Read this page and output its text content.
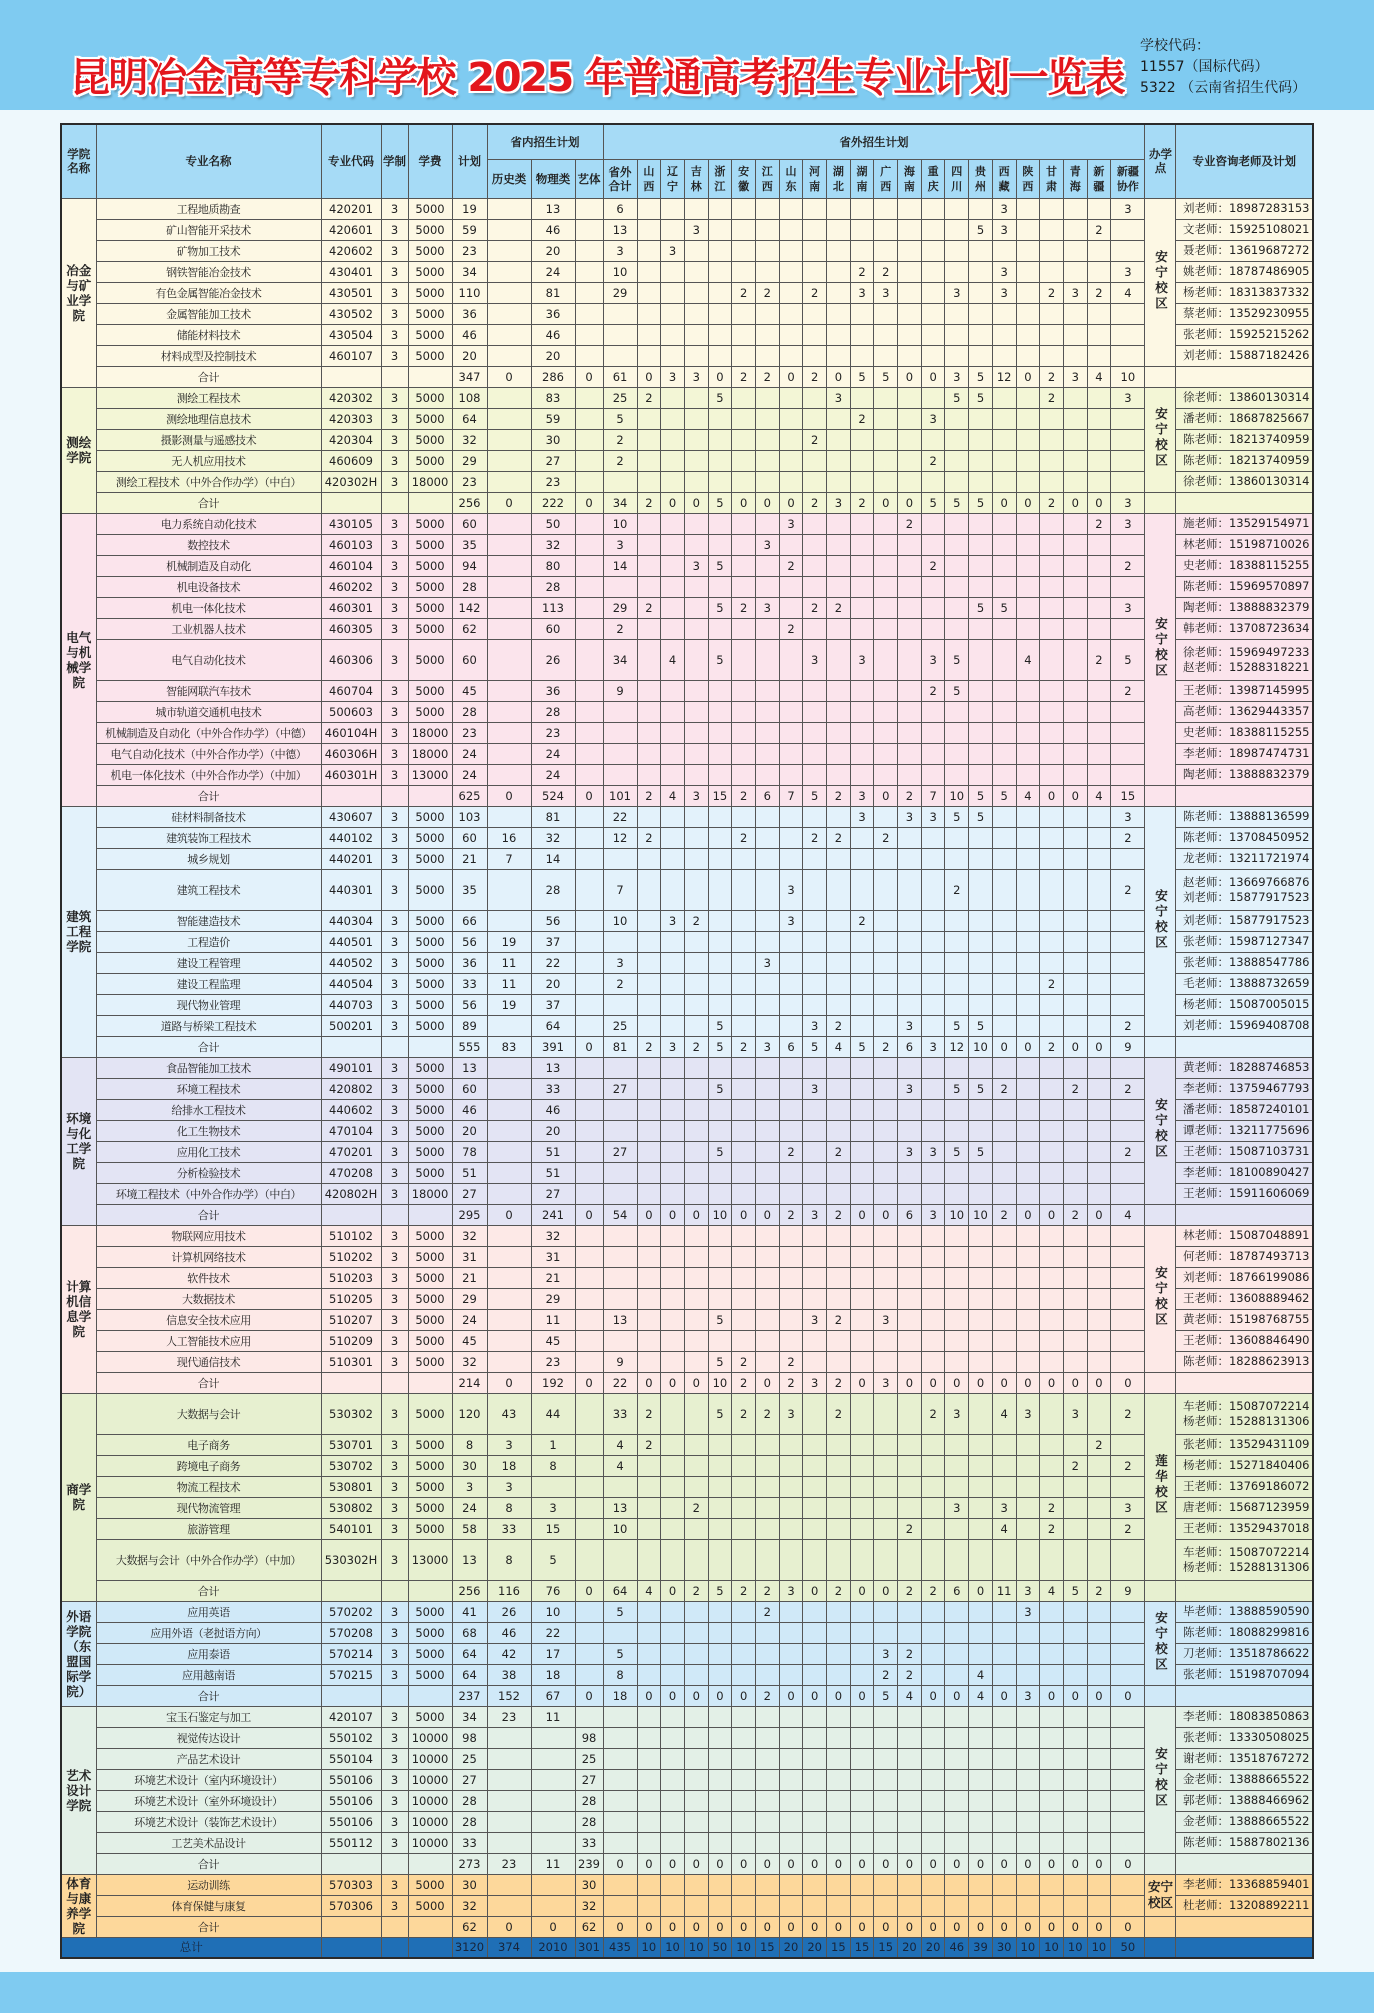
昆明冶金高等专科学校 2025 年普通高考招生专业计划一览表
学校代码：
11557（国标代码）
5322 （云南省招生代码）
学院名称	专业名称	专业代码	学制	学费	计划	省内招生计划			省外招生计划																						办学点	专业咨询老师及计划
						历史类	物理类	艺体	省外合计	山西	辽宁	吉林	浙江	安徽	江西	山东	河南	湖北	湖南	广西	海南	重庆	四川	贵州	西藏	陕西	甘肃	青海	新疆	新疆协作		
冶金与矿业学院	工程地质勘查	420201	3	5000	19		13		6																3					3	安宁校区	刘老师：18987283153

	矿山智能开采技术	420601	3	5000	59		46		13			3												5	3				2			文老师：15925108021

	矿物加工技术	420602	3	5000	23		20		3		3																					聂老师：13619687272

	钢铁智能冶金技术	430401	3	5000	34		24		10										2	2					3					3		姚老师：18787486905

	有色金属智能冶金技术	430501	3	5000	110		81		29					2	2		2		3	3			3		3		2	3	2	4		杨老师：18313837332

	金属智能加工技术	430502	3	5000	36		36																									蔡老师：13529230955

	储能材料技术	430504	3	5000	46		46																									张老师：15925215262

	材料成型及控制技术	460107	3	5000	20		20																									刘老师：15887182426

	合计				347	0	286	0	61	0	3	3	0	2	2	0	2	0	5	5	0	0	3	5	12	0	2	3	4	10		
测绘学院	测绘工程技术	420302	3	5000	108		83		25	2			5					3					5	5			2			3	安宁校区	徐老师：13860130314

	测绘地理信息技术	420303	3	5000	64		59		5										2			3										潘老师：18687825667

	摄影测量与遥感技术	420304	3	5000	32		30		2								2															陈老师：18213740959

	无人机应用技术	460609	3	5000	29		27		2													2										陈老师：18213740959

	测绘工程技术（中外合作办学）（中白）	420302H	3	18000	23		23																									徐老师：13860130314

	合计				256	0	222	0	34	2	0	0	5	0	0	0	2	3	2	0	0	5	5	5	0	0	2	0	0	3		
电气与机械学院	电力系统自动化技术	430105	3	5000	60		50		10							3					2								2	3	安宁校区	施老师：13529154971

	数控技术	460103	3	5000	35		32		3						3																	林老师：15198710026

	机械制造及自动化	460104	3	5000	94		80		14			3	5			2						2								2		史老师：18388115255

	机电设备技术	460202	3	5000	28		28																									陈老师：15969570897

	机电一体化技术	460301	3	5000	142		113		29	2			5	2	3		2	2						5	5					3		陶老师：13888832379

	工业机器人技术	460305	3	5000	62		60		2							2																韩老师：13708723634

	电气自动化技术	460306	3	5000	60		26		34		4		5				3		3			3	5			4			2	5		徐老师：15969497233
赵老师：15288318221

	智能网联汽车技术	460704	3	5000	45		36		9													2	5							2		王老师：13987145995

	城市轨道交通机电技术	500603	3	5000	28		28																									高老师：13629443357

	机械制造及自动化（中外合作办学）（中德）	460104H	3	18000	23		23																									史老师：18388115255

	电气自动化技术（中外合作办学）（中德）	460306H	3	18000	24		24																									李老师：18987474731

	机电一体化技术（中外合作办学）（中加）	460301H	3	13000	24		24																									陶老师：13888832379

	合计				625	0	524	0	101	2	4	3	15	2	6	7	5	2	3	0	2	7	10	5	5	4	0	0	4	15		
建筑工程学院	硅材料制备技术	430607	3	5000	103		81		22										3		3	3	5	5						3	安宁校区	陈老师：13888136599

	建筑装饰工程技术	440102	3	5000	60	16	32		12	2				2			2	2		2										2		陈老师：13708450952

	城乡规划	440201	3	5000	21	7	14																									龙老师：13211721974

	建筑工程技术	440301	3	5000	35		28		7							3							2							2		赵老师：13669766876
刘老师：15877917523

	智能建造技术	440304	3	5000	66		56		10		3	2				3			2													刘老师：15877917523

	工程造价	440501	3	5000	56	19	37																									张老师：15987127347

	建设工程管理	440502	3	5000	36	11	22		3						3																	张老师：13888547786

	建设工程监理	440504	3	5000	33	11	20		2																		2					毛老师：13888732659

	现代物业管理	440703	3	5000	56	19	37																									杨老师：15087005015

	道路与桥梁工程技术	500201	3	5000	89		64		25				5				3	2			3		5	5						2		刘老师：15969408708

	合计				555	83	391	0	81	2	3	2	5	2	3	6	5	4	5	2	6	3	12	10	0	0	2	0	0	9		
环境与化工学院	食品智能加工技术	490101	3	5000	13		13																								安宁校区	黄老师：18288746853

	环境工程技术	420802	3	5000	60		33		27				5				3				3		5	5	2			2		2		李老师：13759467793

	给排水工程技术	440602	3	5000	46		46																									潘老师：18587240101

	化工生物技术	470104	3	5000	20		20																									谭老师：13211775696

	应用化工技术	470201	3	5000	78		51		27				5			2		2			3	3	5	5						2		王老师：15087103731

	分析检验技术	470208	3	5000	51		51																									李老师：18100890427

	环境工程技术（中外合作办学）（中白）	420802H	3	18000	27		27																									王老师：15911606069

	合计				295	0	241	0	54	0	0	0	10	0	0	2	3	2	0	0	6	3	10	10	2	0	0	2	0	4		
计算机信息学院	物联网应用技术	510102	3	5000	32		32																								安宁校区	林老师：15087048891

	计算机网络技术	510202	3	5000	31		31																									何老师：18787493713

	软件技术	510203	3	5000	21		21																									刘老师：18766199086

	大数据技术	510205	3	5000	29		29																									王老师：13608889462

	信息安全技术应用	510207	3	5000	24		11		13				5				3	2		3												黄老师：15198768755

	人工智能技术应用	510209	3	5000	45		45																									王老师：13608846490

	现代通信技术	510301	3	5000	32		23		9				5	2		2																陈老师：18288623913

	合计				214	0	192	0	22	0	0	0	10	2	0	2	3	2	0	3	0	0	0	0	0	0	0	0	0	0		
商学院	大数据与会计	530302	3	5000	120	43	44		33	2			5	2	2	3		2				2	3		4	3		3		2	莲华校区	车老师：15087072214
杨老师：15288131306

	电子商务	530701	3	5000	8	3	1		4	2																			2			张老师：13529431109

	跨境电子商务	530702	3	5000	30	18	8		4																			2		2		杨老师：15271840406

	物流工程技术	530801	3	5000	3	3																										王老师：13769186072

	现代物流管理	530802	3	5000	24	8	3		13			2											3		3		2			3		唐老师：15687123959

	旅游管理	540101	3	5000	58	33	15		10												2				4		2			2		王老师：13529437018

	大数据与会计（中外合作办学）（中加）	530302H	3	13000	13	8	5																									车老师：15087072214
杨老师：15288131306

	合计				256	116	76	0	64	4	0	2	5	2	2	3	0	2	0	0	2	2	6	0	11	3	4	5	2	9		
外语学院（东盟国际学院）	应用英语	570202	3	5000	41	26	10		5						2											3					安宁校区	毕老师：13888590590

	应用外语（老挝语方向）	570208	3	5000	68	46	22																									陈老师：18088299816

	应用泰语	570214	3	5000	64	42	17		5											3	2											刀老师：13518786622

	应用越南语	570215	3	5000	64	38	18		8											2	2			4								张老师：15198707094

	合计				237	152	67	0	18	0	0	0	0	0	2	0	0	0	0	5	4	0	0	4	0	3	0	0	0	0		
艺术设计学院	宝玉石鉴定与加工	420107	3	5000	34	23	11																								安宁校区	李老师：18083850863

	视觉传达设计	550102	3	10000	98			98																								张老师：13330508025

	产品艺术设计	550104	3	10000	25			25																								谢老师：13518767272

	环境艺术设计（室内环境设计）	550106	3	10000	27			27																								金老师：13888665522

	环境艺术设计（室外环境设计）	550106	3	10000	28			28																								郭老师：13888466962

	环境艺术设计（装饰艺术设计）	550106	3	10000	28			28																								金老师：13888665522

	工艺美术品设计	550112	3	10000	33			33																								陈老师：15887802136

	合计				273	23	11	239	0	0	0	0	0	0	0	0	0	0	0	0	0	0	0	0	0	0	0	0	0	0		
体育与康养学院	运动训练	570303	3	5000	30			30																							安宁校区	李老师：13368859401

	体育保健与康复	570306	3	5000	32			32																								杜老师：13208892211

	合计				62	0	0	62	0	0	0	0	0	0	0	0	0	0	0	0	0	0	0	0	0	0	0	0	0	0		
总计					3120	374	2010	301	435	10	10	10	50	10	15	20	20	15	15	15	20	20	46	39	30	10	10	10	10	50		
